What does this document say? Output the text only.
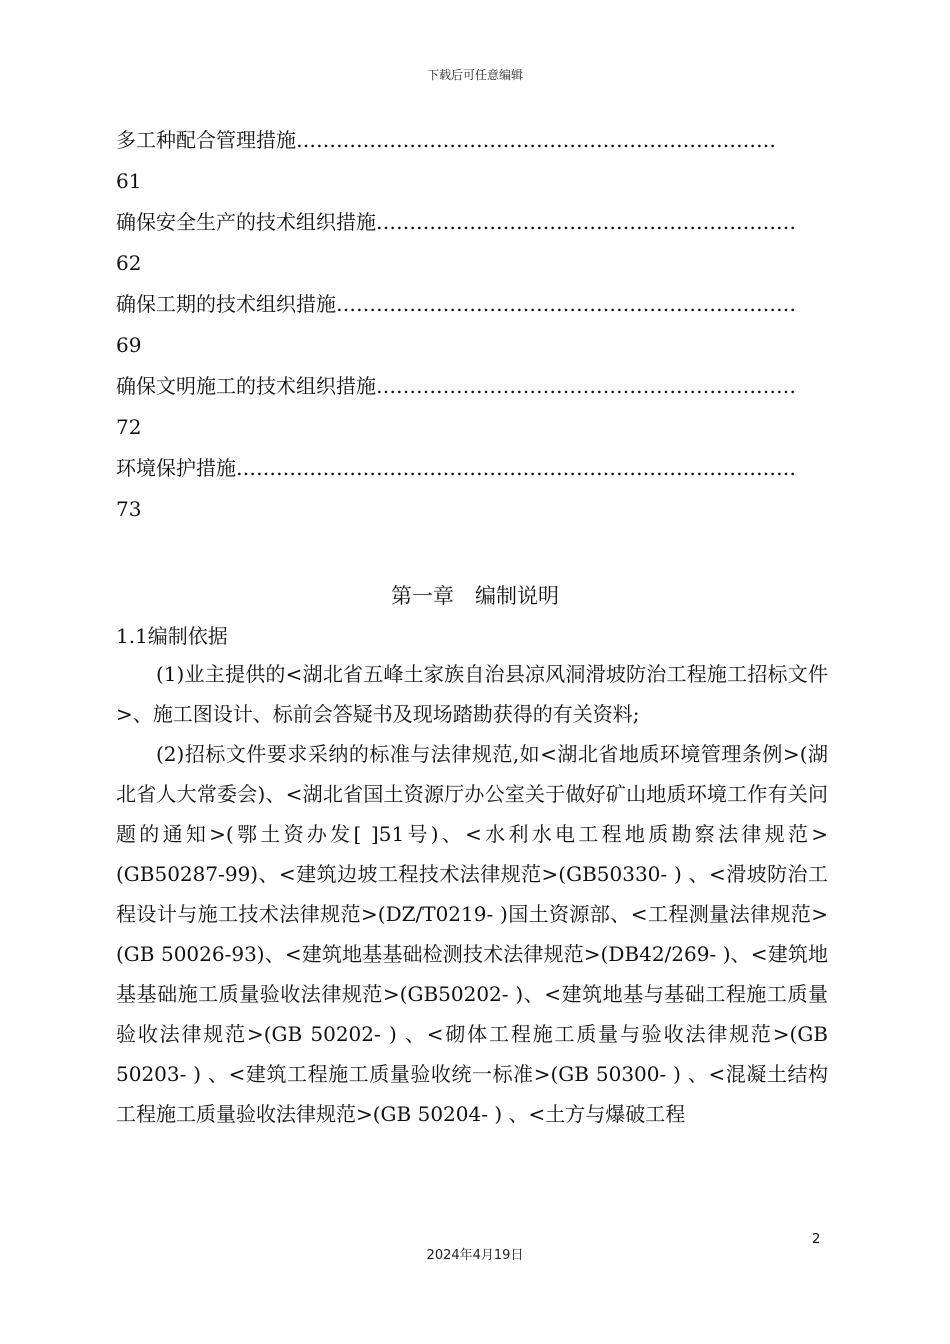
下载后可任意编辑
多工种配合管理措施………………………………………………………………
61
确保安全生产的技术组织措施………………………………………………………
62
确保工期的技术组织措施……………………………………………………………
69
确保文明施工的技术组织措施………………………………………………………
72
环境保护措施…………………………………………………………………………
73
第一章　编制说明
1.1编制依据

(1)业主提供的<湖北省五峰土家族自治县凉风洞滑坡防治工程施工招标文件>、施工图设计、标前会答疑书及现场踏勘获得的有关资料;

(2)招标文件要求采纳的标准与法律规范,如<湖北省地质环境管理条例>(湖北省人大常委会)、<湖北省国土资源厅办公室关于做好矿山地质环境工作有关问题的通知>(鄂土资办发[ ]51号)、<水利水电工程地质勘察法律规范>(GB50287-99)、<建筑边坡工程技术法律规范>(GB50330- ) 、<滑坡防治工程设计与施工技术法律规范>(DZ/T0219- )国土资源部、<工程测量法律规范>(GB 50026-93)、<建筑地基基础检测技术法律规范>(DB42/269- )、<建筑地基基础施工质量验收法律规范>(GB50202- )、<建筑地基与基础工程施工质量验收法律规范>(GB 50202- ) 、<砌体工程施工质量与验收法律规范>(GB 50203- ) 、<建筑工程施工质量验收统一标准>(GB 50300- ) 、<混凝土结构工程施工质量验收法律规范>(GB 50204- ) 、<土方与爆破工程

2
2024年4月19日
